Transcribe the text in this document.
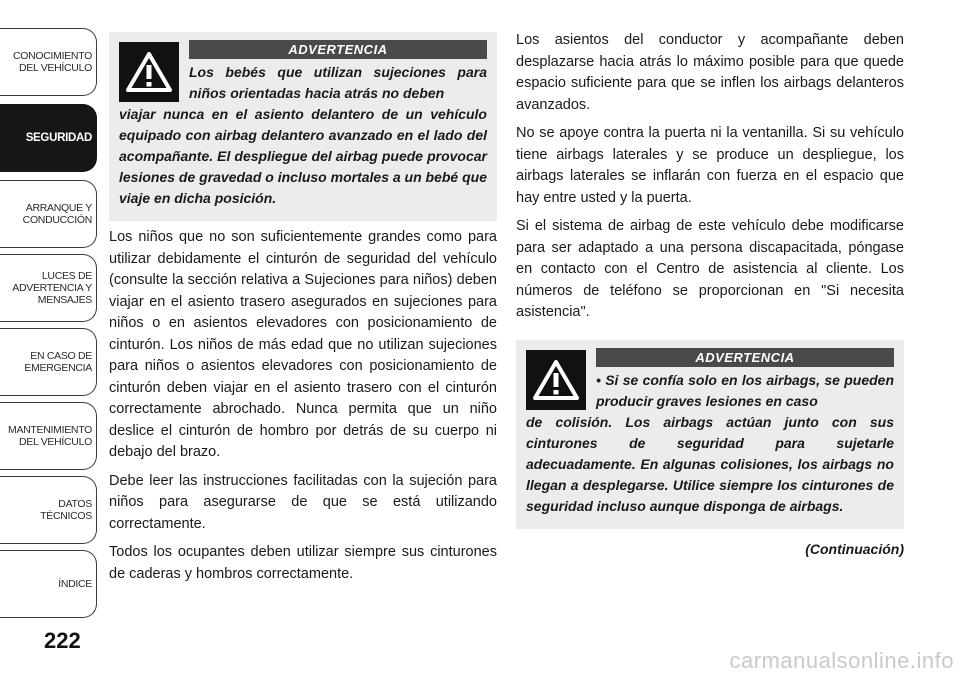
CONOCIMIENTO
DEL VEHÍCULO
SEGURIDAD
ARRANQUE Y
CONDUCCIÓN
LUCES DE
ADVERTENCIA Y
MENSAJES
EN CASO DE
EMERGENCIA
MANTENIMIENTO
DEL VEHÍCULO
DATOS
TÉCNICOS
ÍNDICE
222
ADVERTENCIA
Los bebés que utilizan sujeciones para niños orientadas hacia atrás no deben
viajar nunca en el asiento delantero de un vehículo equipado con airbag delantero avanzado en el lado del acompañante. El despliegue del airbag puede provocar lesiones de gravedad o incluso mortales a un bebé que viaje en dicha posición.

Los niños que no son suficientemente grandes como para utilizar debidamente el cinturón de seguridad del vehículo (consulte la sección relativa a Sujeciones para niños) deben viajar en el asiento trasero asegurados en sujeciones para niños o en asientos elevadores con posicionamiento de cinturón. Los niños de más edad que no utilizan sujeciones para niños o asientos elevadores con posicionamiento de cinturón deben viajar en el asiento trasero con el cinturón correctamente abrochado. Nunca permita que un niño deslice el cinturón de hombro por detrás de su cuerpo ni debajo del brazo.

Debe leer las instrucciones facilitadas con la sujeción para niños para asegurarse de que se está utilizando correctamente.

Todos los ocupantes deben utilizar siempre sus cinturones de caderas y hombros correctamente.

Los asientos del conductor y acompañante deben desplazarse hacia atrás lo máximo posible para que quede espacio suficiente para que se inflen los airbags delanteros avanzados.

No se apoye contra la puerta ni la ventanilla. Si su vehículo tiene airbags laterales y se produce un despliegue, los airbags laterales se inflarán con fuerza en el espacio que hay entre usted y la puerta.

Si el sistema de airbag de este vehículo debe modificarse para ser adaptado a una persona discapacitada, póngase en contacto con el Centro de asistencia al cliente. Los números de teléfono se proporcionan en "Si necesita asistencia".

ADVERTENCIA
• Si se confía solo en los airbags, se pueden producir graves lesiones en caso
de colisión. Los airbags actúan junto con sus cinturones de seguridad para sujetarle adecuadamente. En algunas colisiones, los airbags no llegan a desplegarse. Utilice siempre los cinturones de seguridad incluso aunque disponga de airbags.
(Continuación)
carmanualsonline.info
